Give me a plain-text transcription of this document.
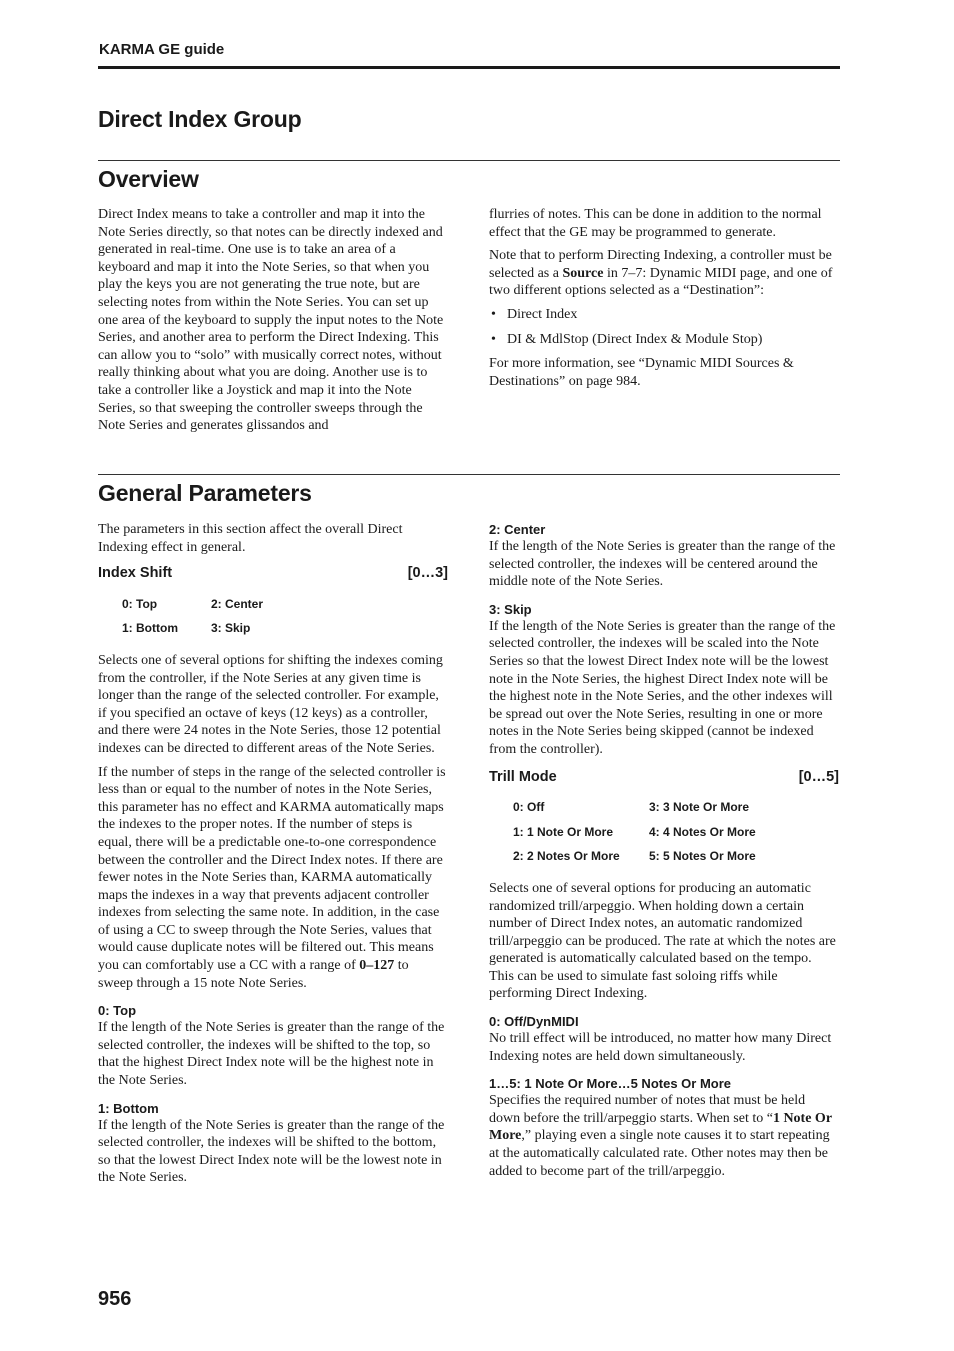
KARMA GE guide
Direct Index Group
Overview

Direct Index means to take a controller and map it into the Note Series directly, so that notes can be directly indexed and generated in real-time. One use is to take an area of a keyboard and map it into the Note Series, so that when you play the keys you are not generating the true note, but are selecting notes from within the Note Series. You can set up one area of the keyboard to supply the input notes to the Note Series, and another area to perform the Direct Indexing. This can allow you to “solo” with musically correct notes, without really thinking about what you are doing. Another use is to take a controller like a Joystick and map it into the Note Series, so that sweeping the controller sweeps through the Note Series and generates glissandos and

flurries of notes. This can be done in addition to the normal effect that the GE may be programmed to generate.

Note that to perform Directing Indexing, a controller must be selected as a Source in 7–7: Dynamic MIDI page, and one of two different options selected as a “Destination”:

• Direct Index
• DI & MdlStop (Direct Index & Module Stop)

For more information, see “Dynamic MIDI Sources & Destinations” on page 984.

General Parameters

The parameters in this section affect the overall Direct Indexing effect in general.

Index Shift	[0…3]
0: Top	2: Center
1: Bottom	3: Skip

Selects one of several options for shifting the indexes coming from the controller, if the Note Series at any given time is longer than the range of the selected controller. For example, if you specified an octave of keys (12 keys) as a controller, and there were 24 notes in the Note Series, those 12 potential indexes can be directed to different areas of the Note Series.

If the number of steps in the range of the selected controller is less than or equal to the number of notes in the Note Series, this parameter has no effect and KARMA automatically maps the indexes to the proper notes. If the number of steps is equal, there will be a predictable one-to-one correspondence between the controller and the Direct Index notes. If there are fewer notes in the Note Series than, KARMA automatically maps the indexes in a way that prevents adjacent controller indexes from selecting the same note. In addition, in the case of using a CC to sweep through the Note Series, values that would cause duplicate notes will be filtered out. This means you can comfortably use a CC with a range of 0–127 to sweep through a 15 note Note Series.

0: Top

If the length of the Note Series is greater than the range of the selected controller, the indexes will be shifted to the top, so that the highest Direct Index note will be the highest note in the Note Series.

1: Bottom

If the length of the Note Series is greater than the range of the selected controller, the indexes will be shifted to the bottom, so that the lowest Direct Index note will be the lowest note in the Note Series.

2: Center

If the length of the Note Series is greater than the range of the selected controller, the indexes will be centered around the middle note of the Note Series.

3: Skip

If the length of the Note Series is greater than the range of the selected controller, the indexes will be scaled into the Note Series so that the lowest Direct Index note will be the lowest note in the Note Series, the highest Direct Index note will be the highest note in the Note Series, and the other indexes will be spread out over the Note Series, resulting in one or more notes in the Note Series being skipped (cannot be indexed from the controller).

Trill Mode	[0…5]
0: Off	3: 3 Note Or More
1: 1 Note Or More	4: 4 Notes Or More
2: 2 Notes Or More	5: 5 Notes Or More

Selects one of several options for producing an automatic randomized trill/arpeggio. When holding down a certain number of Direct Index notes, an automatic randomized trill/arpeggio can be produced. The rate at which the notes are generated is automatically calculated based on the tempo. This can be used to simulate fast soloing riffs while performing Direct Indexing.

0: Off/DynMIDI

No trill effect will be introduced, no matter how many Direct Indexing notes are held down simultaneously.

1…5: 1 Note Or More…5 Notes Or More

Specifies the required number of notes that must be held down before the trill/arpeggio starts. When set to “1 Note Or More,” playing even a single note causes it to start repeating at the automatically calculated rate. Other notes may then be added to become part of the trill/arpeggio.

956
